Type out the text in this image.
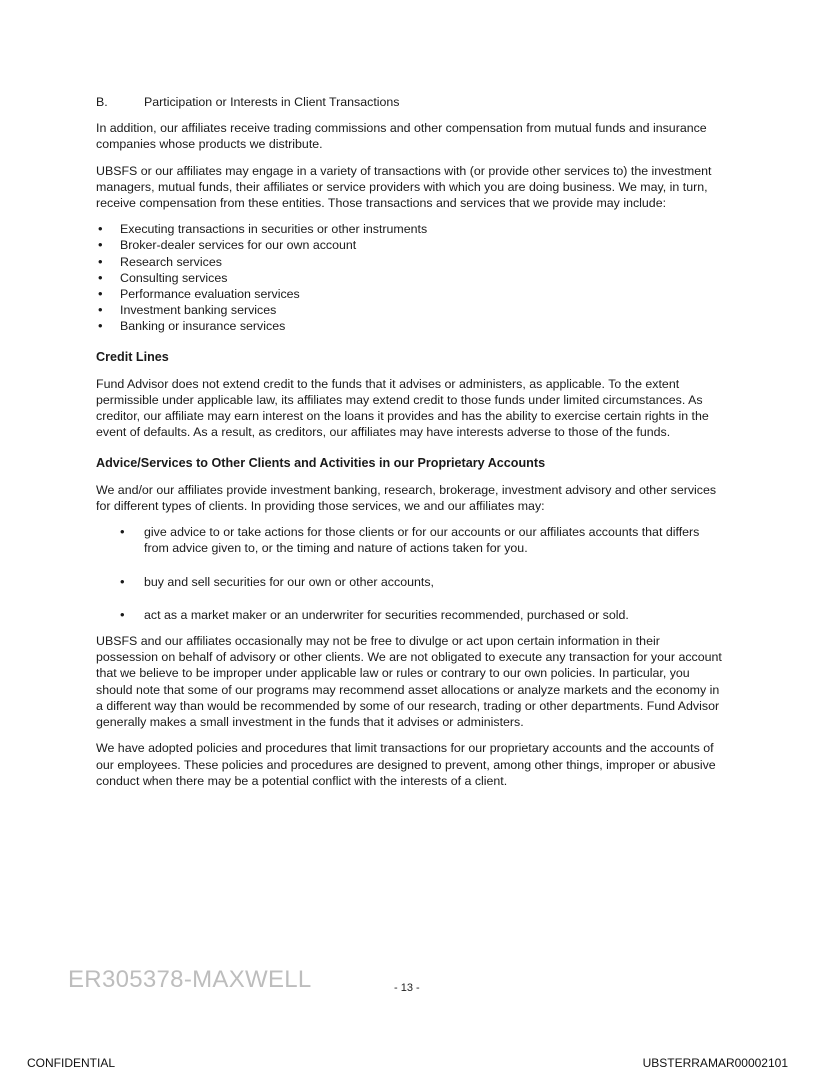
B.	Participation or Interests in Client Transactions

In addition, our affiliates receive trading commissions and other compensation from mutual funds and insurance companies whose products we distribute.

UBSFS or our affiliates may engage in a variety of transactions with (or provide other services to) the investment managers, mutual funds, their affiliates or service providers with which you are doing business. We may, in turn, receive compensation from these entities. Those transactions and services that we provide may include:

• Executing transactions in securities or other instruments
• Broker-dealer services for our own account
• Research services
• Consulting services
• Performance evaluation services
• Investment banking services
• Banking or insurance services
Credit Lines

Fund Advisor does not extend credit to the funds that it advises or administers, as applicable. To the extent permissible under applicable law, its affiliates may extend credit to those funds under limited circumstances. As creditor, our affiliate may earn interest on the loans it provides and has the ability to exercise certain rights in the event of defaults. As a result, as creditors, our affiliates may have interests adverse to those of the funds.

Advice/Services to Other Clients and Activities in our Proprietary Accounts

We and/or our affiliates provide investment banking, research, brokerage, investment advisory and other services for different types of clients. In providing those services, we and our affiliates may:

• give advice to or take actions for those clients or for our accounts or our affiliates accounts that differs from advice given to, or the timing and nature of actions taken for you.
• buy and sell securities for our own or other accounts,
• act as a market maker or an underwriter for securities recommended, purchased or sold.

UBSFS and our affiliates occasionally may not be free to divulge or act upon certain information in their possession on behalf of advisory or other clients. We are not obligated to execute any transaction for your account that we believe to be improper under applicable law or rules or contrary to our own policies. In particular, you should note that some of our programs may recommend asset allocations or analyze markets and the economy in a different way than would be recommended by some of our research, trading or other departments. Fund Advisor generally makes a small investment in the funds that it advises or administers.

We have adopted policies and procedures that limit transactions for our proprietary accounts and the accounts of our employees. These policies and procedures are designed to prevent, among other things, improper or abusive conduct when there may be a potential conflict with the interests of a client.

ER305378-MAXWELL	- 13 -
CONFIDENTIAL	UBSTERRAMAR00002101
